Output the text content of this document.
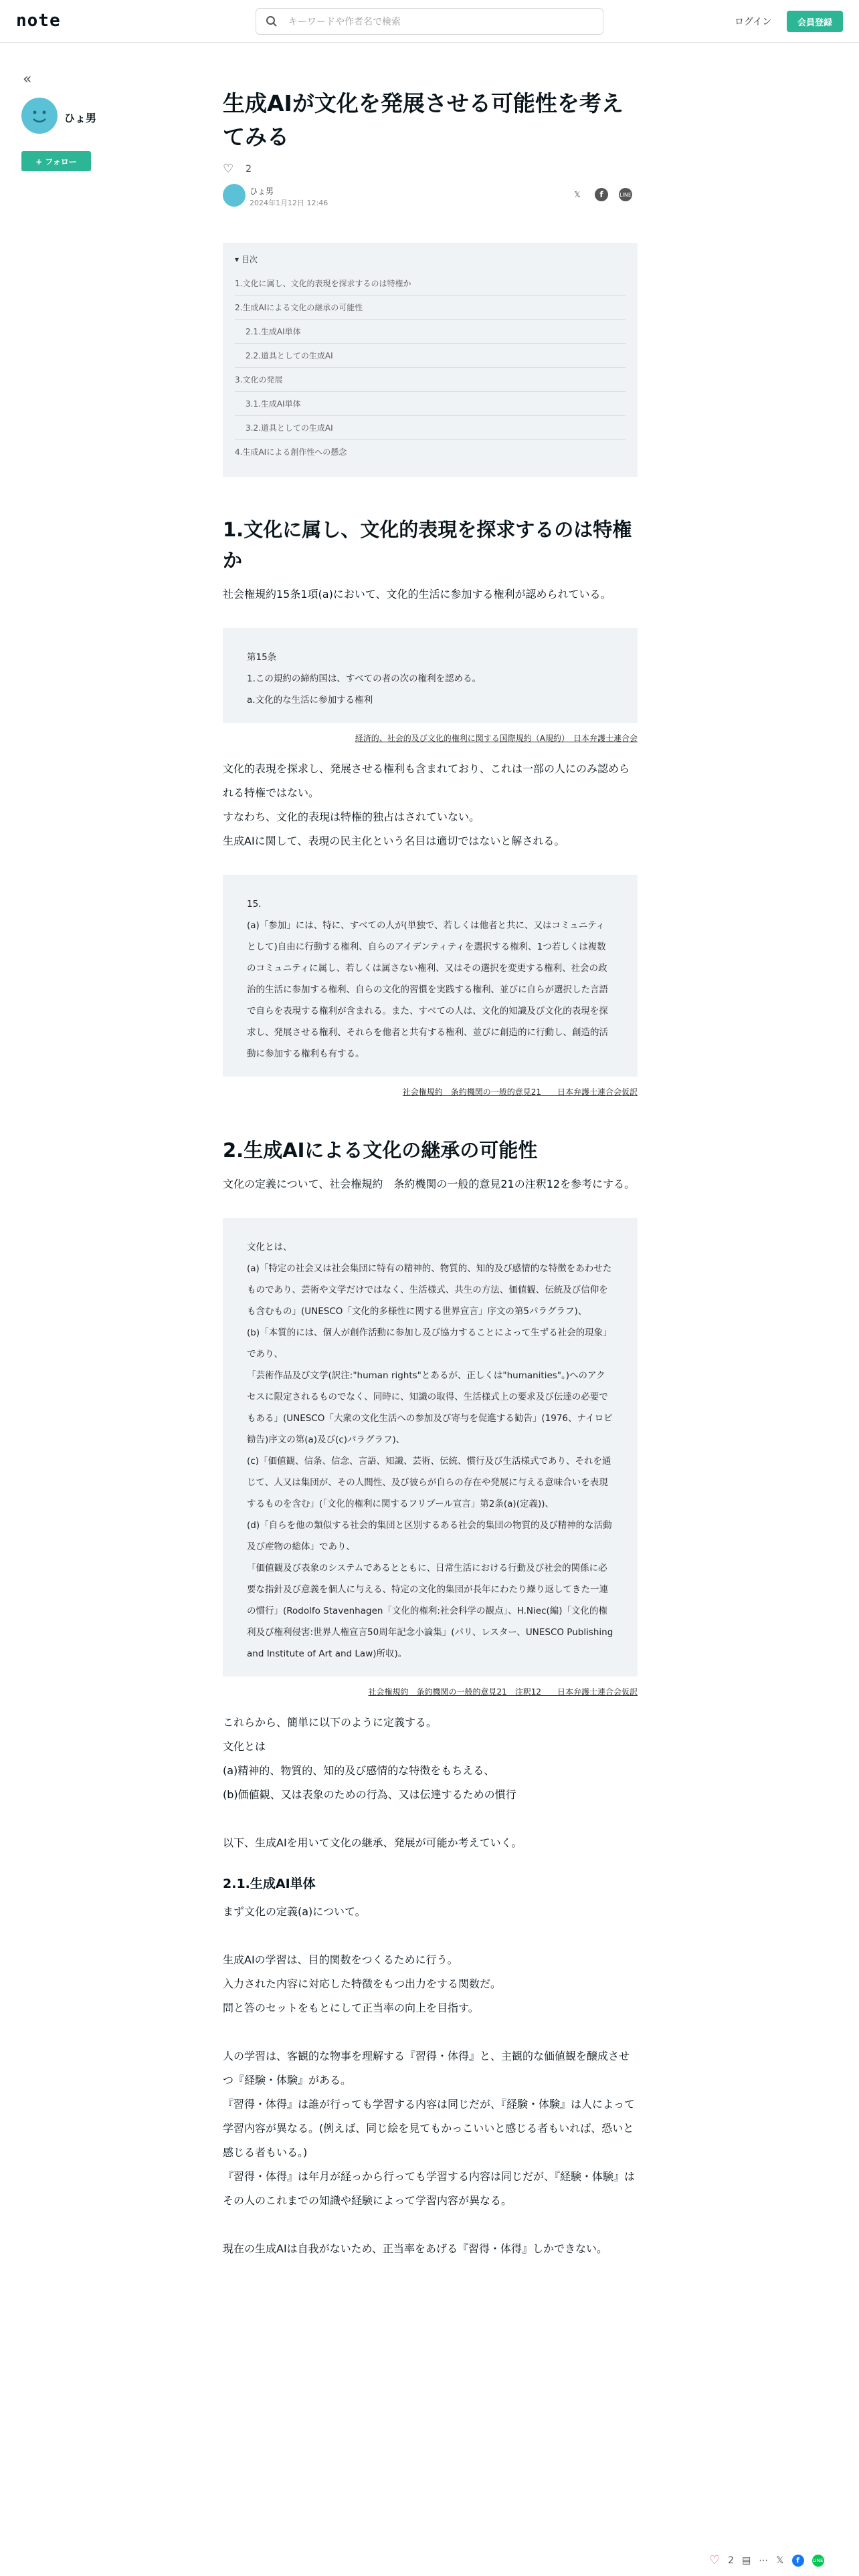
note	キーワードや作者名で検索	ログイン	会員登録
«
ひょ男
+ フォロー
生成AIが文化を発展させる可能性を考えてみる
♡ 2
ひょ男
2024年1月12日 12:46
𝕏	f	LINE
▾ 目次
1.文化に属し、文化的表現を探求するのは特権か
2.生成AIによる文化の継承の可能性
2.1.生成AI単体
2.2.道具としての生成AI
3.文化の発展
3.1.生成AI単体
3.2.道具としての生成AI
4.生成AIによる創作性への懸念
1.文化に属し、文化的表現を探求するのは特権か

社会権規約15条1項(a)において、文化的生活に参加する権利が認められている。

第15条

1.この規約の締約国は、すべての者の次の権利を認める。

a.文化的な生活に参加する権利

経済的、社会的及び文化的権利に関する国際規約（A規約）　日本弁護士連合会

文化的表現を探求し、発展させる権利も含まれており、これは一部の人にのみ認められる特権ではない。

すなわち、文化的表現は特権的独占はされていない。

生成AIに関して、表現の民主化という名目は適切ではないと解される。

15.

(a)「参加」には、特に、すべての人が(単独で、若しくは他者と共に、又はコミュニティとして)自由に行動する権利、自らのアイデンティティを選択する権利、1つ若しくは複数のコミュニティに属し、若しくは属さない権利、又はその選択を変更する権利、社会の政治的生活に参加する権利、自らの文化的習慣を実践する権利、並びに自らが選択した言語で自らを表現する権利が含まれる。また、すべての人は、文化的知識及び文化的表現を探求し、発展させる権利、それらを他者と共有する権利、並びに創造的に行動し、創造的活動に参加する権利も有する。

社会権規約　条約機関の一般的意見21　　日本弁護士連合会仮訳
2.生成AIによる文化の継承の可能性

文化の定義について、社会権規約　条約機関の一般的意見21の注釈12を参考にする。

文化とは、

(a)「特定の社会又は社会集団に特有の精神的、物質的、知的及び感情的な特徴をあわせたものであり、芸術や文学だけではなく、生活様式、共生の方法、価値観、伝統及び信仰をも含むもの」(UNESCO「文化的多様性に関する世界宣言」序文の第5パラグラフ)、

(b)「本質的には、個人が創作活動に参加し及び協力することによって生ずる社会的現象」であり、

「芸術作品及び文学(訳注:"human rights"とあるが、正しくは"humanities"。)へのアクセスに限定されるものでなく、同時に、知識の取得、生活様式上の要求及び伝達の必要でもある」(UNESCO「大衆の文化生活への参加及び寄与を促進する勧告」(1976、ナイロビ勧告)序文の第(a)及び(c)パラグラフ)、

(c)「価値観、信条、信念、言語、知識、芸術、伝統、慣行及び生活様式であり、それを通じて、人又は集団が、その人間性、及び彼らが自らの存在や発展に与える意味合いを表現するものを含む」(「文化的権利に関するフリブール宣言」第2条(a)(定義))、

(d)「自らを他の類似する社会的集団と区別するある社会的集団の物質的及び精神的な活動及び産物の総体」であり、

「価値観及び表象のシステムであるとともに、日常生活における行動及び社会的関係に必要な指針及び意義を個人に与える、特定の文化的集団が長年にわたり繰り返してきた一連の慣行」(Rodolfo Stavenhagen「文化的権利:社会科学の観点」、H.Niec(編)「文化的権利及び権利侵害:世界人権宣言50周年記念小論集」(パリ、レスター、UNESCO Publishing and Institute of Art and Law)所収)。

社会権規約　条約機関の一般的意見21　注釈12　　日本弁護士連合会仮訳

これらから、簡単に以下のように定義する。

文化とは

(a)精神的、物質的、知的及び感情的な特徴をもちえる、

(b)価値観、又は表象のための行為、又は伝達するための慣行

以下、生成AIを用いて文化の継承、発展が可能か考えていく。

2.1.生成AI単体

まず文化の定義(a)について。

生成AIの学習は、目的関数をつくるために行う。

入力された内容に対応した特徴をもつ出力をする関数だ。

問と答のセットをもとにして正当率の向上を目指す。

人の学習は、客観的な物事を理解する『習得・体得』と、主観的な価値観を醸成させつ『経験・体験』がある。

『習得・体得』は誰が行っても学習する内容は同じだが、『経験・体験』は人によって学習内容が異なる。(例えば、同じ絵を見てもかっこいいと感じる者もいれば、恐いと感じる者もいる。)

『習得・体得』は年月が経っから行っても学習する内容は同じだが、『経験・体験』はその人のこれまでの知識や経験によって学習内容が異なる。

現在の生成AIは自我がないため、正当率をあげる『習得・体得』しかできない。

♡ 2 ▤ ⋯ 𝕏	f	LINE
